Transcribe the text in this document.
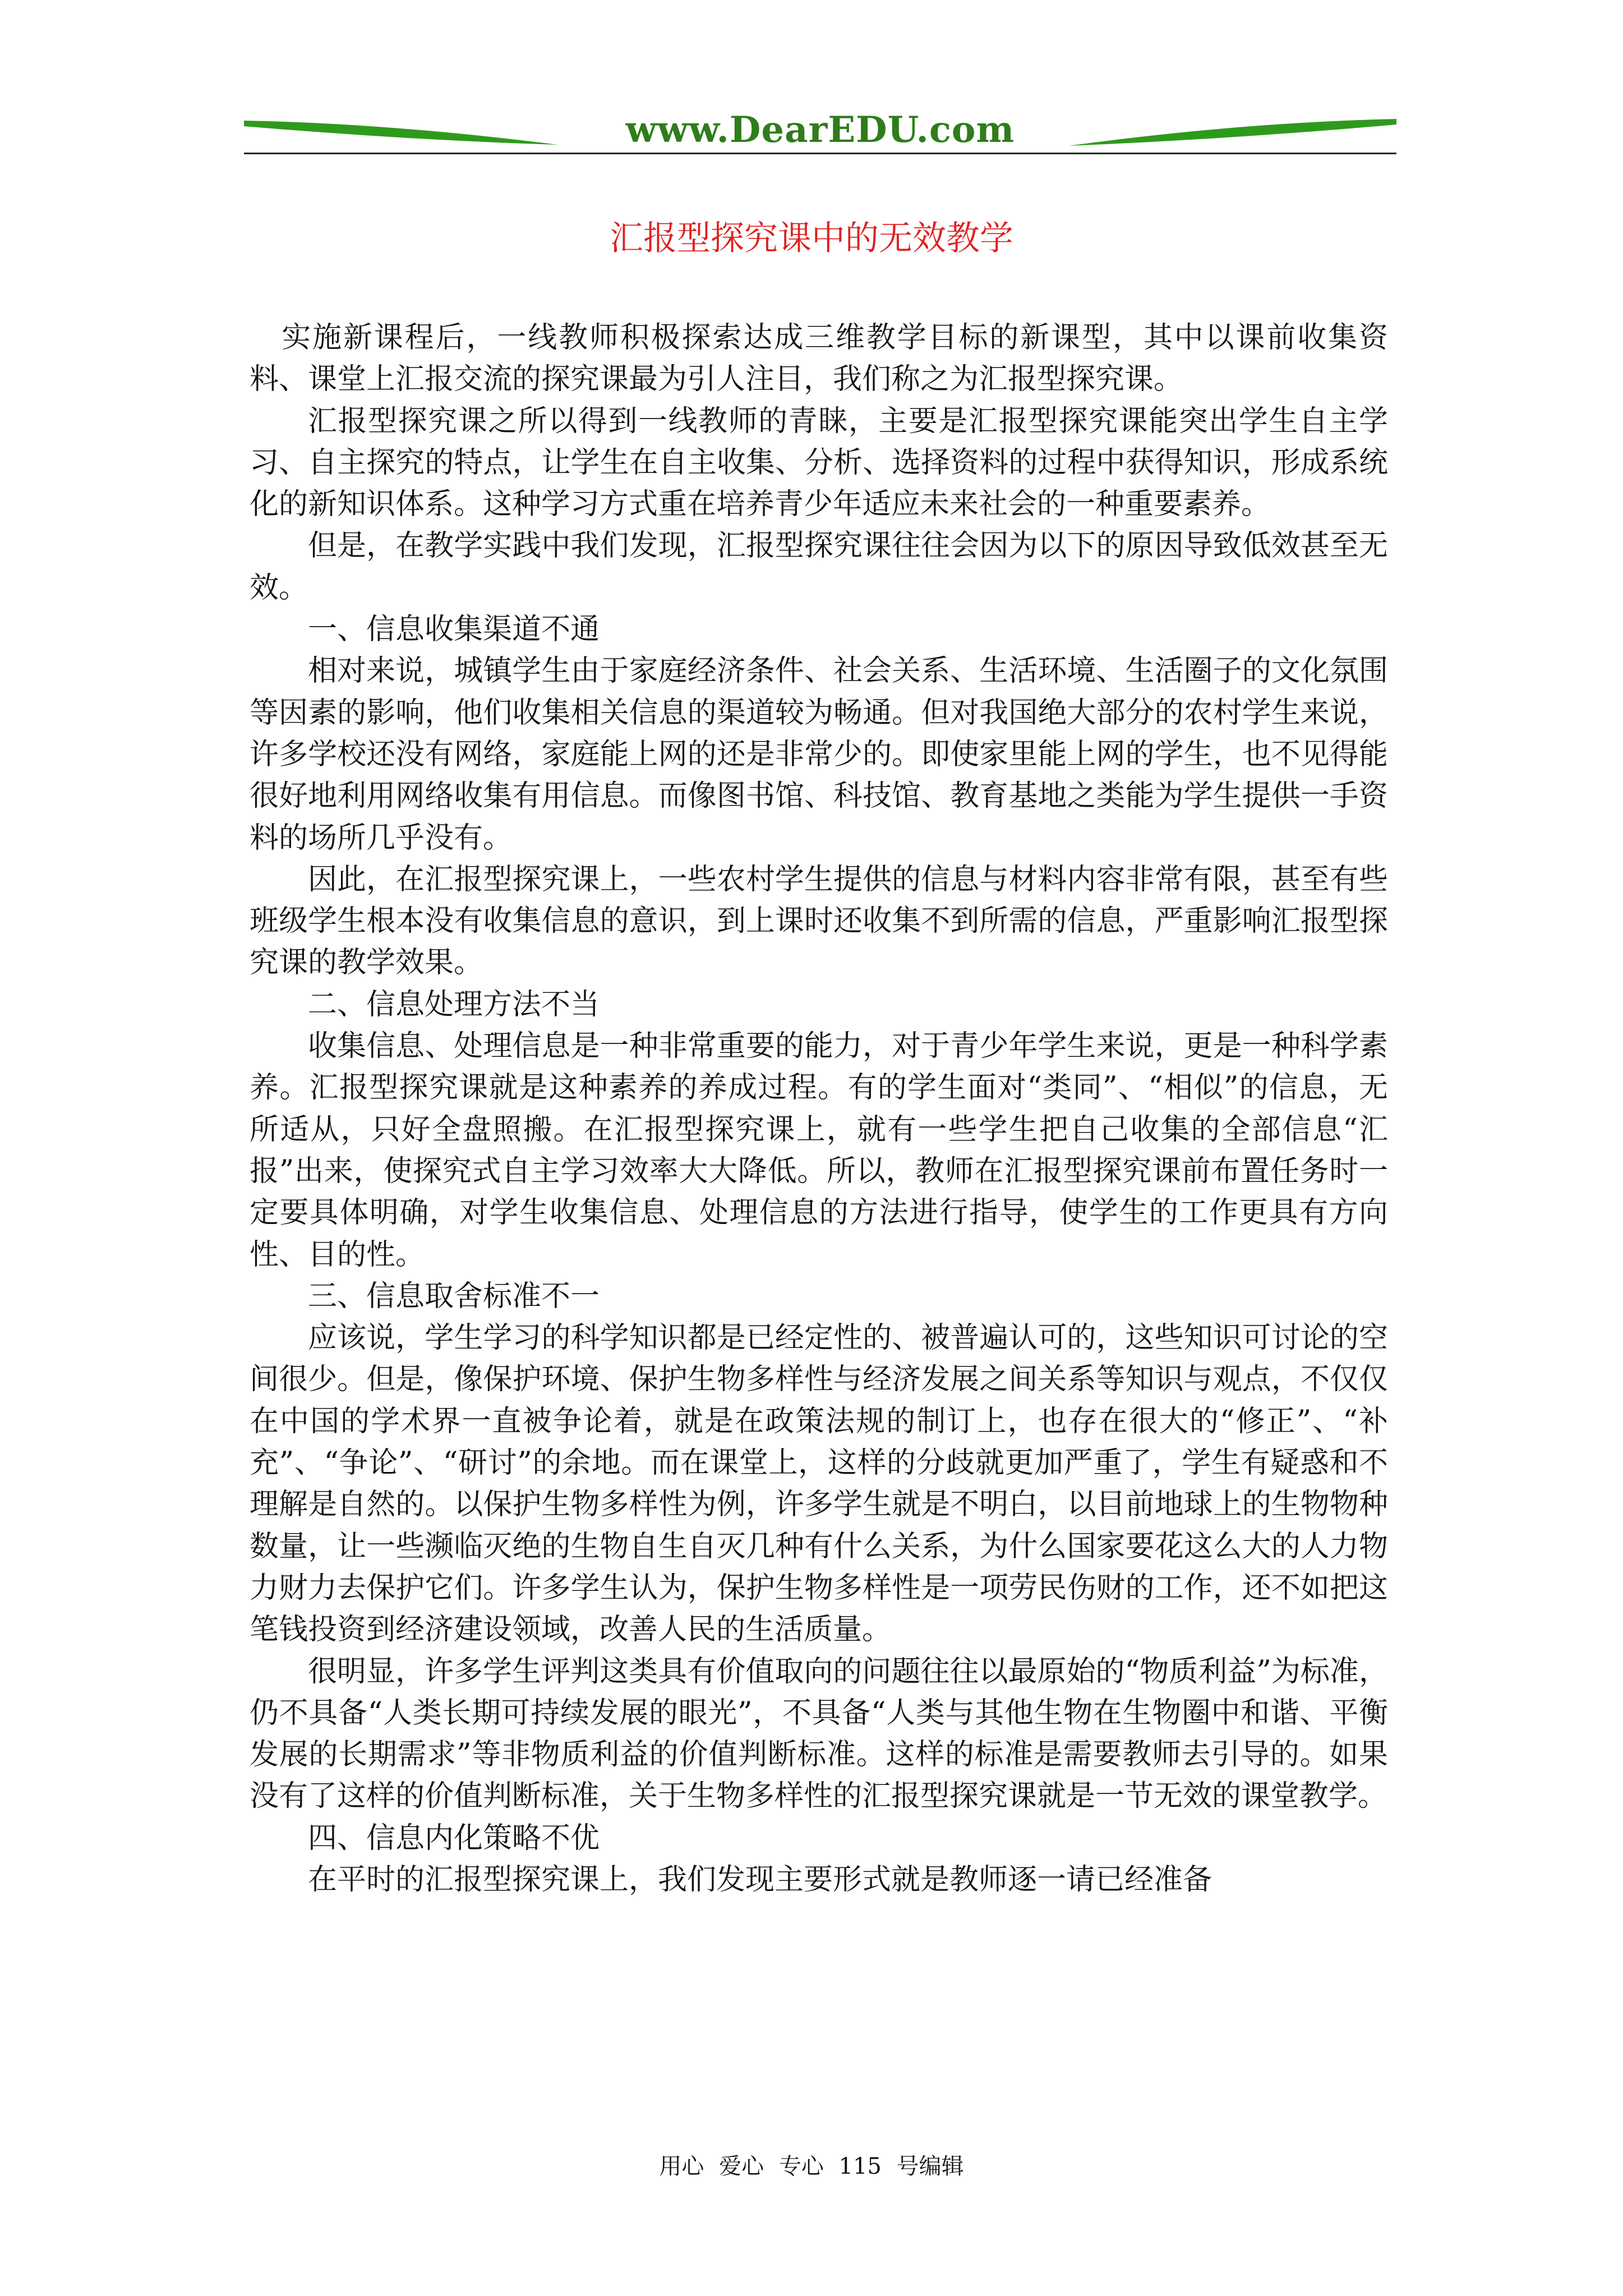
www.DearEDU.com
汇报型探究课中的无效教学

实施新课程后，一线教师积极探索达成三维教学目标的新课型，其中以课前收集资料、课堂上汇报交流的探究课最为引人注目，我们称之为汇报型探究课。

汇报型探究课之所以得到一线教师的青睐，主要是汇报型探究课能突出学生自主学习、自主探究的特点，让学生在自主收集、分析、选择资料的过程中获得知识，形成系统化的新知识体系。这种学习方式重在培养青少年适应未来社会的一种重要素养。

但是，在教学实践中我们发现，汇报型探究课往往会因为以下的原因导致低效甚至无效。

一、信息收集渠道不通

相对来说，城镇学生由于家庭经济条件、社会关系、生活环境、生活圈子的文化氛围等因素的影响，他们收集相关信息的渠道较为畅通。但对我国绝大部分的农村学生来说，许多学校还没有网络，家庭能上网的还是非常少的。即使家里能上网的学生，也不见得能很好地利用网络收集有用信息。而像图书馆、科技馆、教育基地之类能为学生提供一手资料的场所几乎没有。

因此，在汇报型探究课上，一些农村学生提供的信息与材料内容非常有限，甚至有些班级学生根本没有收集信息的意识，到上课时还收集不到所需的信息，严重影响汇报型探究课的教学效果。

二、信息处理方法不当

收集信息、处理信息是一种非常重要的能力，对于青少年学生来说，更是一种科学素养。汇报型探究课就是这种素养的养成过程。有的学生面对“类同”、“相似”的信息，无所适从，只好全盘照搬。在汇报型探究课上，就有一些学生把自己收集的全部信息“汇报”出来，使探究式自主学习效率大大降低。所以，教师在汇报型探究课前布置任务时一定要具体明确，对学生收集信息、处理信息的方法进行指导，使学生的工作更具有方向性、目的性。

三、信息取舍标准不一

应该说，学生学习的科学知识都是已经定性的、被普遍认可的，这些知识可讨论的空间很少。但是，像保护环境、保护生物多样性与经济发展之间关系等知识与观点，不仅仅在中国的学术界一直被争论着，就是在政策法规的制订上，也存在很大的“修正”、“补充”、“争论”、“研讨”的余地。而在课堂上，这样的分歧就更加严重了，学生有疑惑和不理解是自然的。以保护生物多样性为例，许多学生就是不明白，以目前地球上的生物物种数量，让一些濒临灭绝的生物自生自灭几种有什么关系，为什么国家要花这么大的人力物力财力去保护它们。许多学生认为，保护生物多样性是一项劳民伤财的工作，还不如把这笔钱投资到经济建设领域，改善人民的生活质量。

很明显，许多学生评判这类具有价值取向的问题往往以最原始的“物质利益”为标准，仍不具备“人类长期可持续发展的眼光”，不具备“人类与其他生物在生物圈中和谐、平衡发展的长期需求”等非物质利益的价值判断标准。这样的标准是需要教师去引导的。如果没有了这样的价值判断标准，关于生物多样性的汇报型探究课就是一节无效的课堂教学。

四、信息内化策略不优

在平时的汇报型探究课上，我们发现主要形式就是教师逐一请已经准备

用心 爱心 专心 115 号编辑
